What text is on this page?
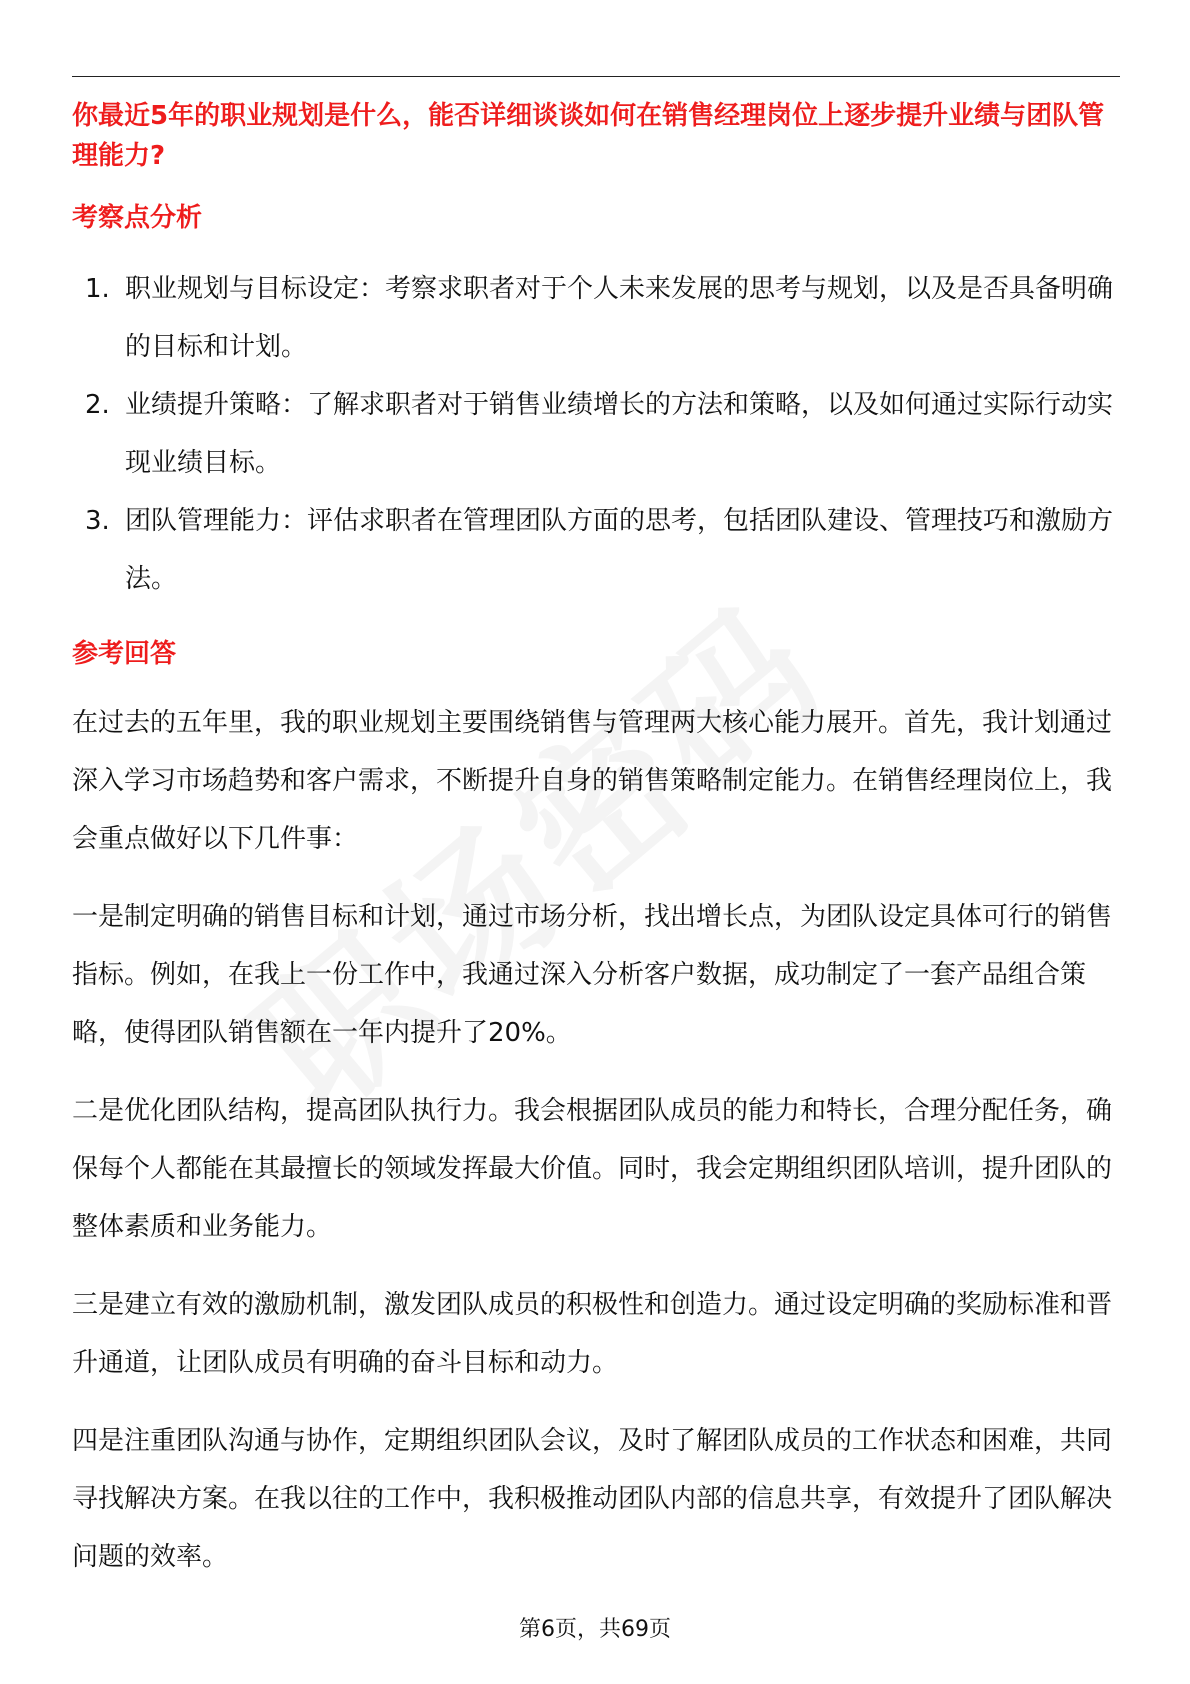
你最近5年的职业规划是什么，能否详细谈谈如何在销售经理岗位上逐步提升业绩与团队管理能力?

考察点分析

1. 职业规划与目标设定：考察求职者对于个人未来发展的思考与规划，以及是否具备明确的目标和计划。
2. 业绩提升策略：了解求职者对于销售业绩增长的方法和策略，以及如何通过实际行动实现业绩目标。
3. 团队管理能力：评估求职者在管理团队方面的思考，包括团队建设、管理技巧和激励方法。

参考回答

在过去的五年里，我的职业规划主要围绕销售与管理两大核心能力展开。首先，我计划通过深入学习市场趋势和客户需求，不断提升自身的销售策略制定能力。在销售经理岗位上，我会重点做好以下几件事：

一是制定明确的销售目标和计划，通过市场分析，找出增长点，为团队设定具体可行的销售指标。例如，在我上一份工作中，我通过深入分析客户数据，成功制定了一套产品组合策略，使得团队销售额在一年内提升了20%。

二是优化团队结构，提高团队执行力。我会根据团队成员的能力和特长，合理分配任务，确保每个人都能在其最擅长的领域发挥最大价值。同时，我会定期组织团队培训，提升团队的整体素质和业务能力。

三是建立有效的激励机制，激发团队成员的积极性和创造力。通过设定明确的奖励标准和晋升通道，让团队成员有明确的奋斗目标和动力。

四是注重团队沟通与协作，定期组织团队会议，及时了解团队成员的工作状态和困难，共同寻找解决方案。在我以往的工作中，我积极推动团队内部的信息共享，有效提升了团队解决问题的效率。

第6页，共69页
